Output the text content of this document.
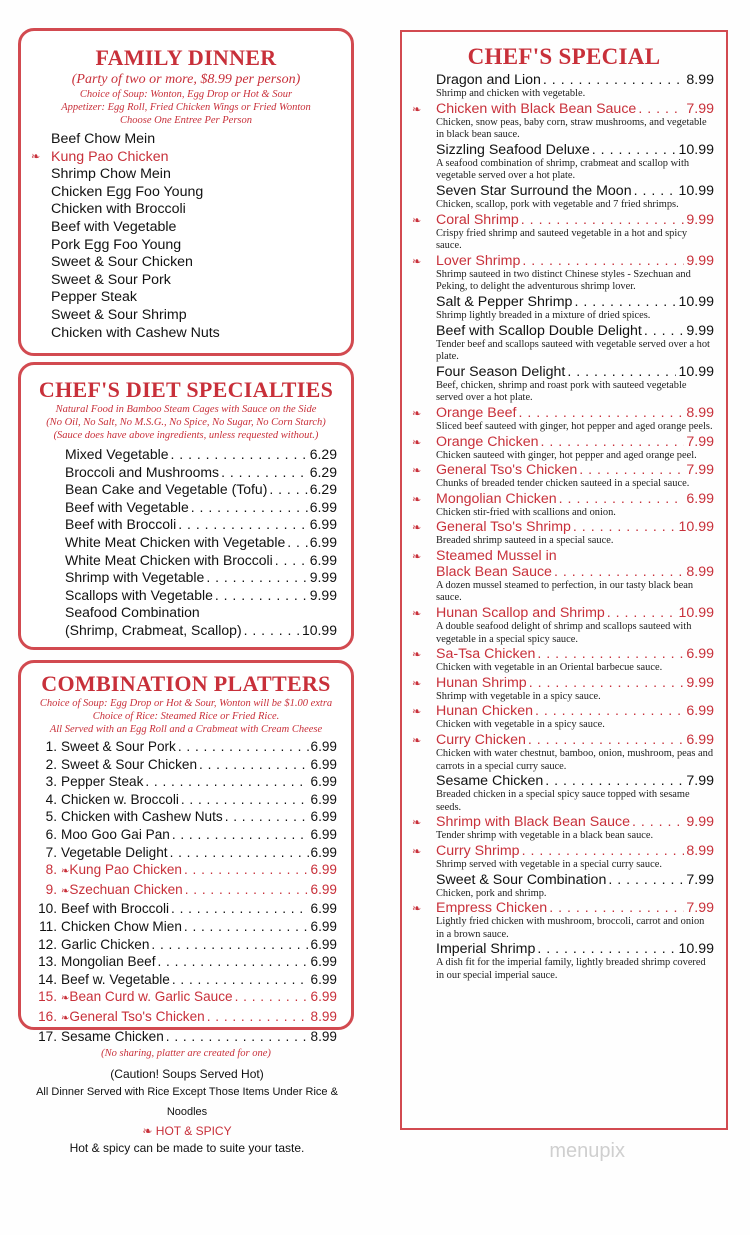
FAMILY DINNER
(Party of two or more, $8.99 per person)
Choice of Soup: Wonton, Egg Drop or Hot & Sour
Appetizer: Egg Roll, Fried Chicken Wings or Fried Wonton
Choose One Entree Per Person
Beef Chow Mein
❧ Kung Pao Chicken
Shrimp Chow Mein
Chicken Egg Foo Young
Chicken with Broccoli
Beef with Vegetable
Pork Egg Foo Young
Sweet & Sour Chicken
Sweet & Sour Pork
Pepper Steak
Sweet & Sour Shrimp
Chicken with Cashew Nuts
CHEF'S DIET SPECIALTIES
Natural Food in Bamboo Steam Cages with Sauce on the Side
(No Oil, No Salt, No M.S.G., No Spice, No Sugar, No Corn Starch)
(Sauce does have above ingredients, unless requested without.)
Mixed Vegetable . . .	6.29
Broccoli and Mushrooms . . .	6.29
Bean Cake and Vegetable (Tofu) . . .	6.29
Beef with Vegetable . . .	6.99
Beef with Broccoli . . .	6.99
White Meat Chicken with Vegetable . . . 6.99
White Meat Chicken with Broccoli . . .	6.99
Shrimp with Vegetable . . .	9.99
Scallops with Vegetable . . .	9.99
Seafood Combination
(Shrimp, Crabmeat, Scallop) . . .	10.99
COMBINATION PLATTERS
Choice of Soup: Egg Drop or Hot & Sour, Wonton will be $1.00 extra
Choice of Rice: Steamed Rice or Fried Rice.
All Served with an Egg Roll and a Crabmeat with Cream Cheese
1. Sweet & Sour Pork . . .	6.99
2. Sweet & Sour Chicken . . .	6.99
3. Pepper Steak . . .	6.99
4. Chicken w. Broccoli . . .	6.99
5. Chicken with Cashew Nuts . . .	6.99
6. Moo Goo Gai Pan . . .	6.99
7. Vegetable Delight . . .	6.99
8. ❧ Kung Pao Chicken . . .	6.99
9. ❧ Szechuan Chicken . . .	6.99
10. Beef with Broccoli . . .	6.99
11. Chicken Chow Mien . . .	6.99
12. Garlic Chicken . . .	6.99
13. Mongolian Beef . . .	6.99
14. Beef w. Vegetable . . .	6.99
15. ❧ Bean Curd w. Garlic Sauce . . .	6.99
16. ❧ General Tso's Chicken . . .	8.99
17. Sesame Chicken . . .	8.99
(No sharing, platter are created for one)
(Caution! Soups Served Hot)
All Dinner Served with Rice Except Those Items Under Rice & Noodles
❧ HOT & SPICY
Hot & spicy can be made to suite your taste.
CHEF'S SPECIAL
Dragon and Lion . . .	8.99
Shrimp and chicken with vegetable.
❧ Chicken with Black Bean Sauce . . .	7.99
Chicken, snow peas, baby corn, straw mushrooms, and vegetable in black bean sauce.
Sizzling Seafood Deluxe . . .	10.99
A seafood combination of shrimp, crabmeat and scallop with vegetable served over a hot plate.
Seven Star Surround the Moon . . .	10.99
Chicken, scallop, pork with vegetable and 7 fried shrimps.
❧ Coral Shrimp . . .	9.99
Crispy fried shrimp and sauteed vegetable in a hot and spicy sauce.
❧ Lover Shrimp . . .	9.99
Shrimp sauteed in two distinct Chinese styles - Szechuan and Peking, to delight the adventurous shrimp lover.
Salt & Pepper Shrimp . . .	10.99
Shrimp lightly breaded in a mixture of dried spices.
Beef with Scallop Double Delight . . .	9.99
Tender beef and scallops sauteed with vegetable served over a hot plate.
Four Season Delight . . .	10.99
Beef, chicken, shrimp and roast pork with sauteed vegetable served over a hot plate.
❧ Orange Beef . . .	8.99
Sliced beef sauteed with ginger, hot pepper and aged orange peels.
❧ Orange Chicken . . .	7.99
Chicken sauteed with ginger, hot pepper and aged orange peel.
❧ General Tso's Chicken . . .	7.99
Chunks of breaded tender chicken sauteed in a special sauce.
❧ Mongolian Chicken . . .	6.99
Chicken stir-fried with scallions and onion.
❧ General Tso's Shrimp . . .	10.99
Breaded shrimp sauteed in a special sauce.
❧ Steamed Mussel in
Black Bean Sauce . . .	8.99
A dozen mussel steamed to perfection, in our tasty black bean sauce.
❧ Hunan Scallop and Shrimp . . .	10.99
A double seafood delight of shrimp and scallops sauteed with vegetable in a special spicy sauce.
❧ Sa-Tsa Chicken . . .	6.99
Chicken with vegetable in an Oriental barbecue sauce.
❧ Hunan Shrimp . . .	9.99
Shrimp with vegetable in a spicy sauce.
❧ Hunan Chicken . . .	6.99
Chicken with vegetable in a spicy sauce.
❧ Curry Chicken . . .	6.99
Chicken with water chestnut, bamboo, onion, mushroom, peas and carrots in a special curry sauce.
Sesame Chicken . . .	7.99
Breaded chicken in a special spicy sauce topped with sesame seeds.
❧ Shrimp with Black Bean Sauce . . .	9.99
Tender shrimp with vegetable in a black bean sauce.
❧ Curry Shrimp . . .	8.99
Shrimp served with vegetable in a special curry sauce.
Sweet & Sour Combination . . .	7.99
Chicken, pork and shrimp.
❧ Empress Chicken . . .	7.99
Lightly fried chicken with mushroom, broccoli, carrot and onion in a brown sauce.
Imperial Shrimp . . .	10.99
A dish fit for the imperial family, lightly breaded shrimp covered in our special imperial sauce.
menupix
